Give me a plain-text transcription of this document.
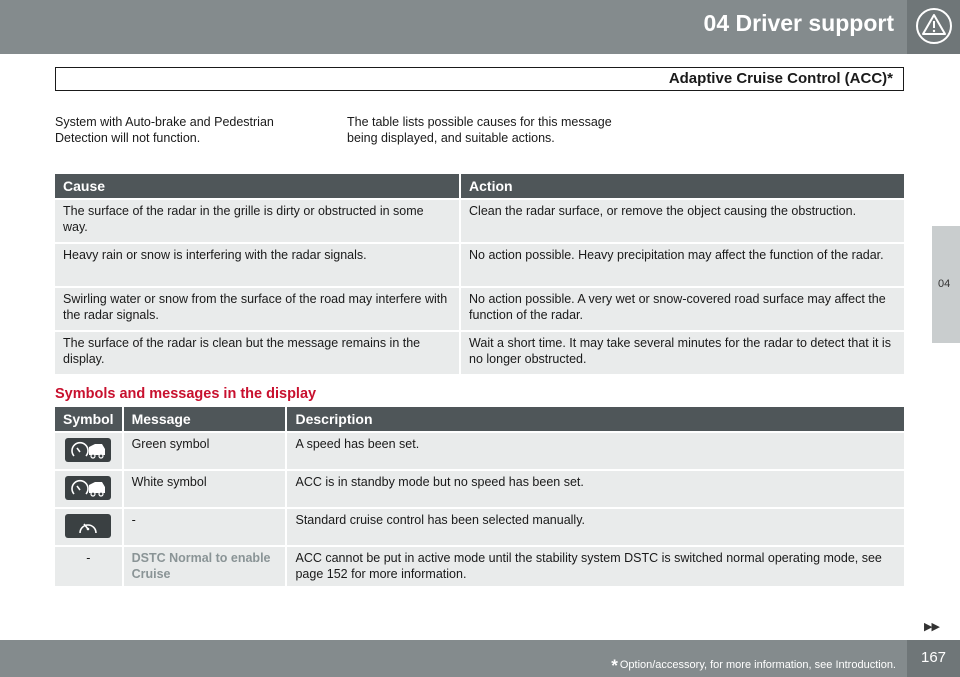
04 Driver support
Adaptive Cruise Control (ACC)*
System with Auto-brake and Pedestrian Detection will not function.
The table lists possible causes for this message being displayed, and suitable actions.
04
Cause	Action
The surface of the radar in the grille is dirty or obstructed in some way.	Clean the radar surface, or remove the object causing the obstruction.
Heavy rain or snow is interfering with the radar signals.	No action possible. Heavy precipitation may affect the function of the radar.
Swirling water or snow from the surface of the road may interfere with the radar signals.	No action possible. A very wet or snow-covered road surface may affect the function of the radar.
The surface of the radar is clean but the message remains in the display.	Wait a short time. It may take several minutes for the radar to detect that it is no longer obstructed.
Symbols and messages in the display
Symbol	Message	Description

	Green symbol	A speed has been set.

	White symbol	ACC is in standby mode but no speed has been set.

	-	Standard cruise control has been selected manually.
-	DSTC Normal to enable Cruise	ACC cannot be put in active mode until the stability system DSTC is switched normal operating mode, see page 152 for more information.
▶▶
* Option/accessory, for more information, see Introduction. 167
